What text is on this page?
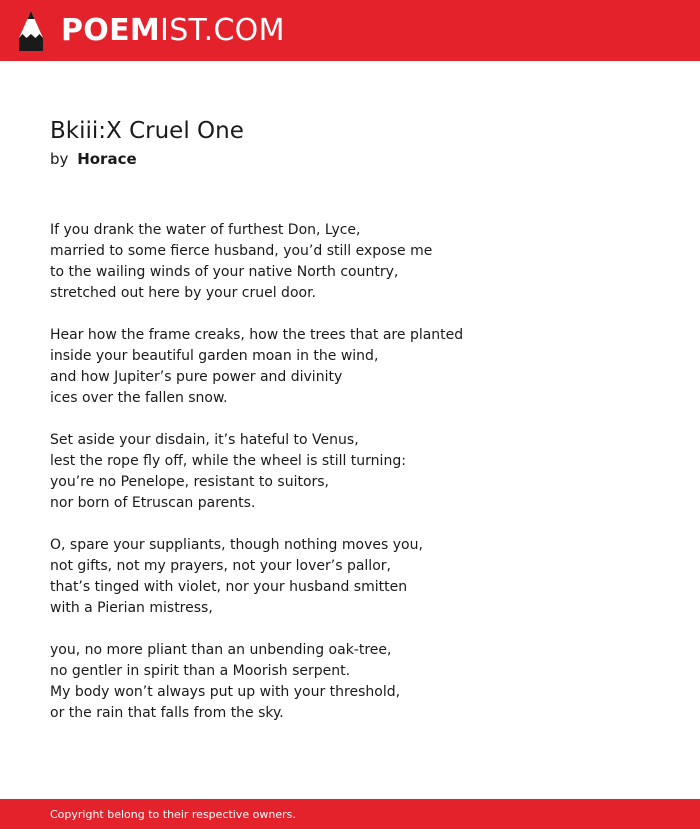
POEMIST.COM
Bkiii:X Cruel One
by Horace
If you drank the water of furthest Don, Lyce,
married to some fierce husband, you’d still expose me
to the wailing winds of your native North country,
stretched out here by your cruel door.
Hear how the frame creaks, how the trees that are planted
inside your beautiful garden moan in the wind,
and how Jupiter’s pure power and divinity
ices over the fallen snow.
Set aside your disdain, it’s hateful to Venus,
lest the rope fly off, while the wheel is still turning:
you’re no Penelope, resistant to suitors,
nor born of Etruscan parents.
O, spare your suppliants, though nothing moves you,
not gifts, not my prayers, not your lover’s pallor,
that’s tinged with violet, nor your husband smitten
with a Pierian mistress,
you, no more pliant than an unbending oak-tree,
no gentler in spirit than a Moorish serpent.
My body won’t always put up with your threshold,
or the rain that falls from the sky.
Copyright belong to their respective owners.
